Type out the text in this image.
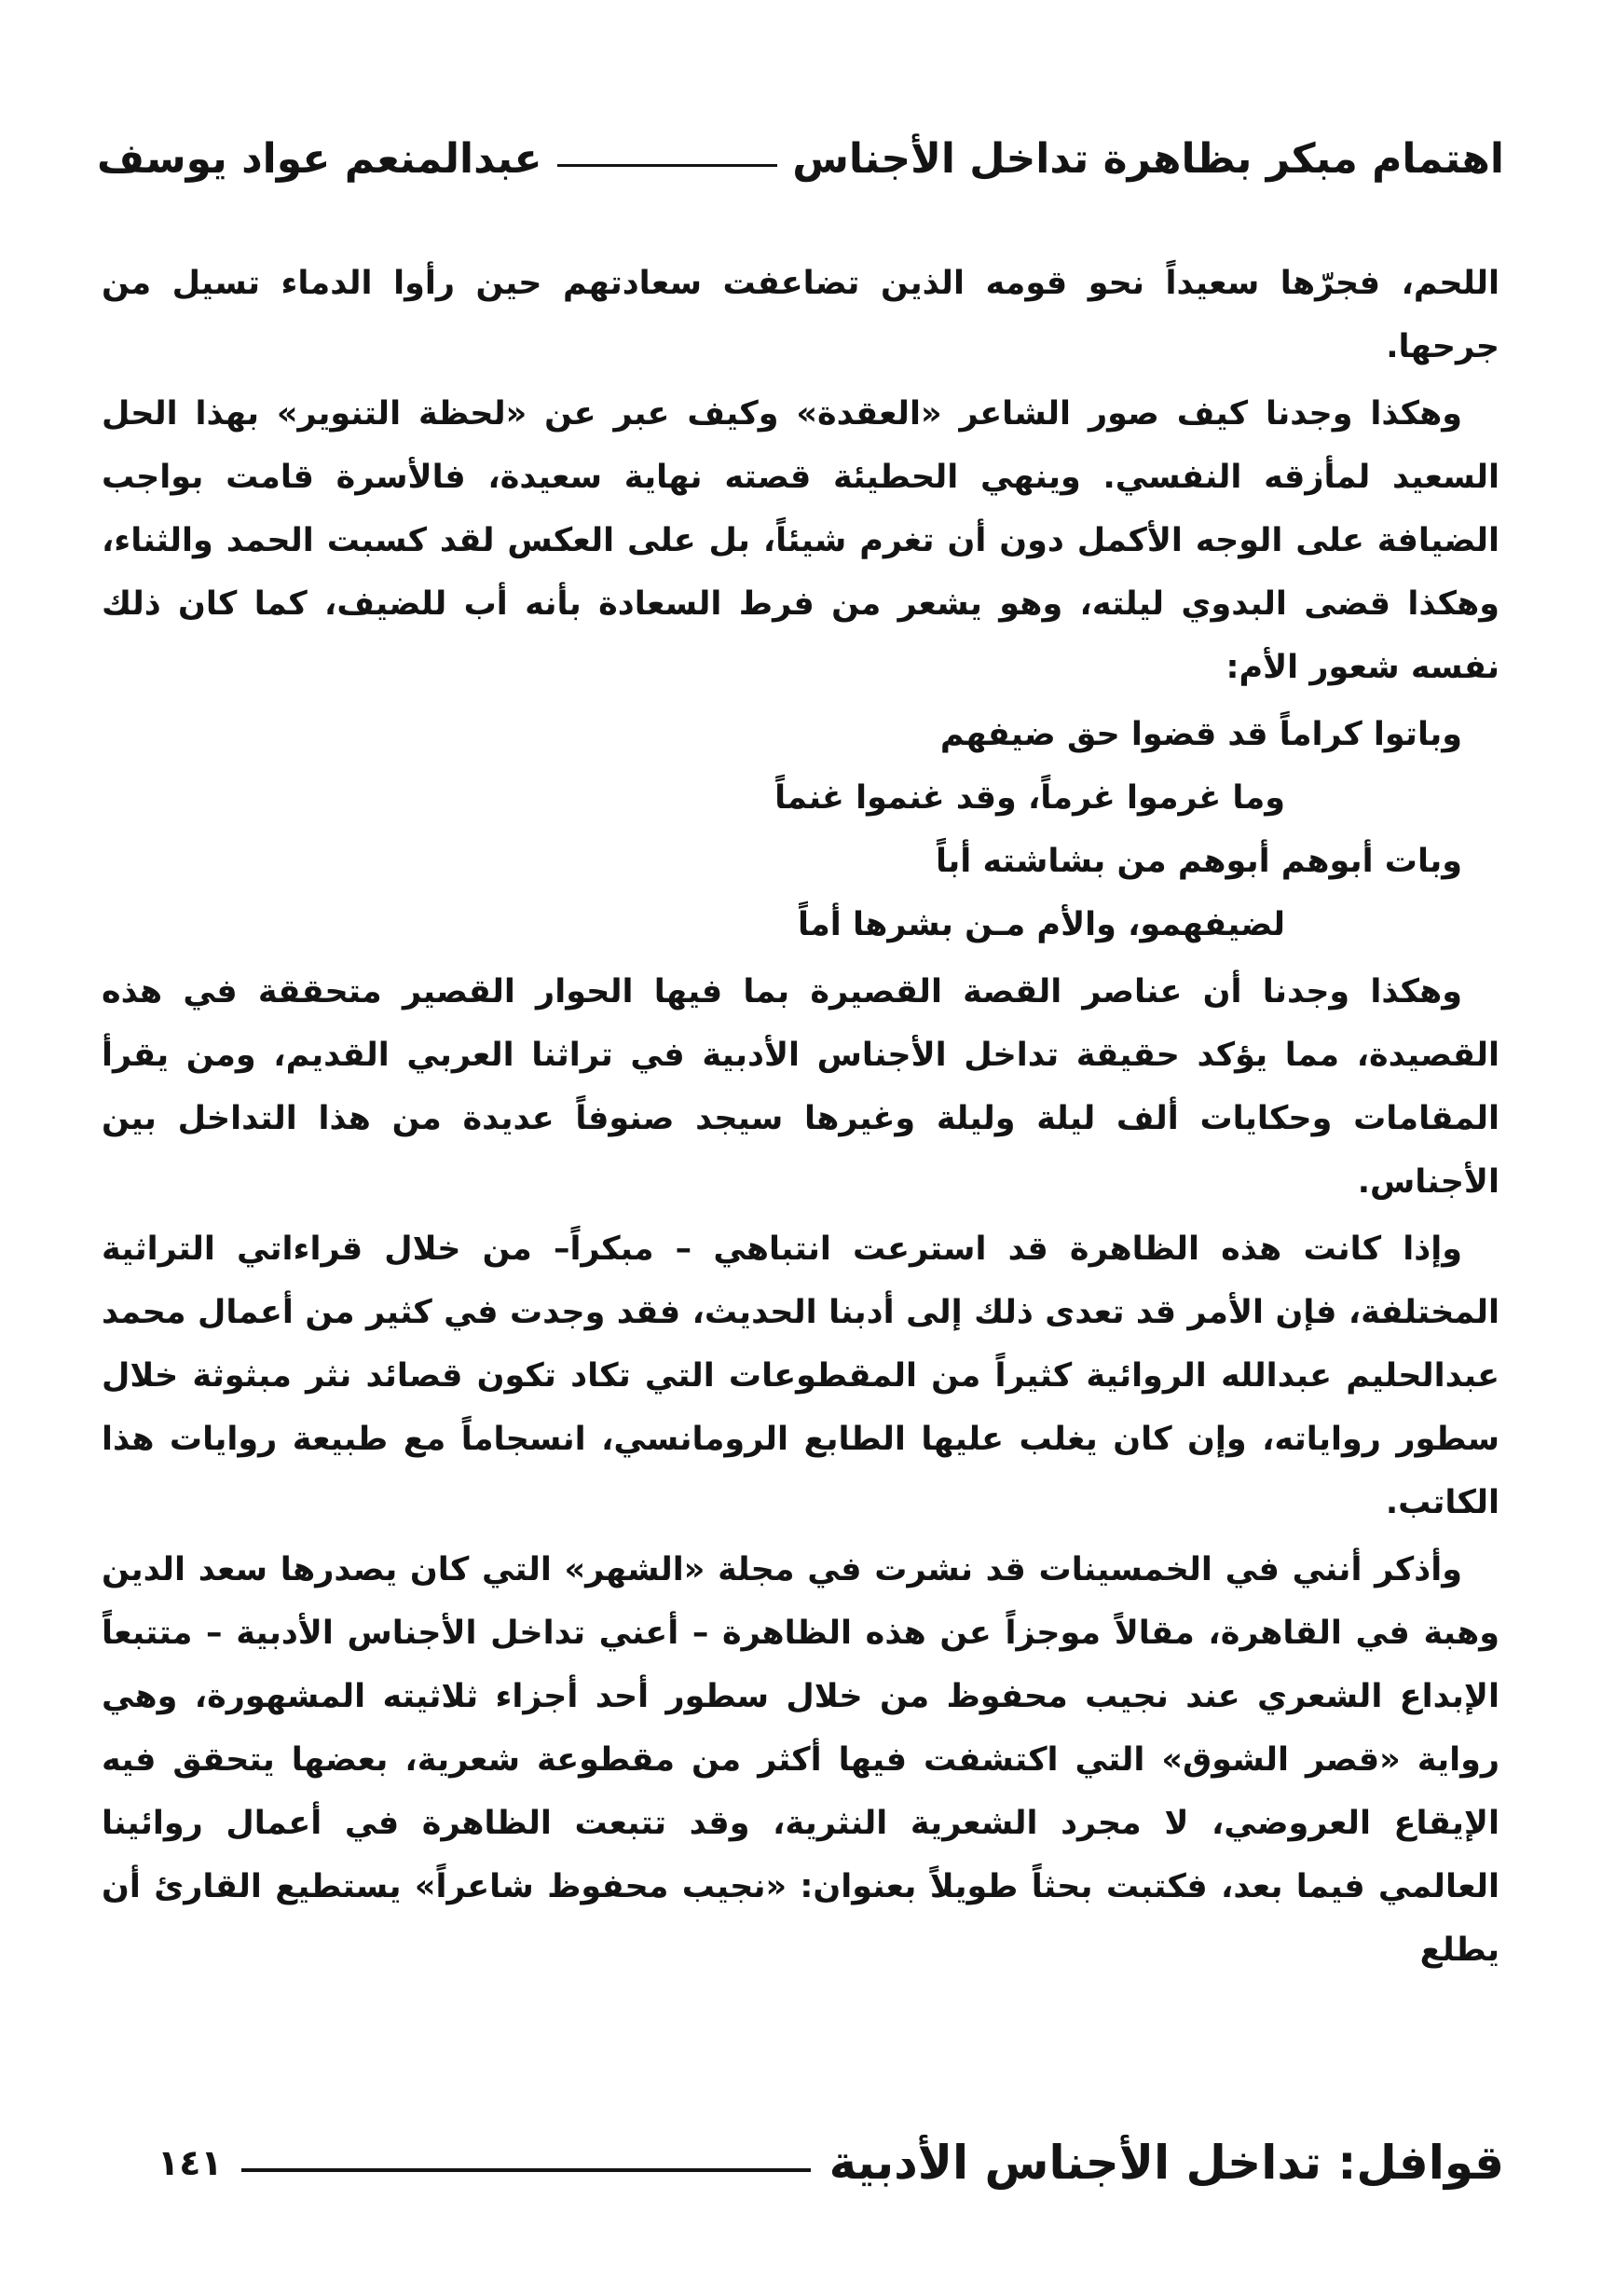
اهتمام مبكر بظاهرة تداخل الأجناس
عبدالمنعم عواد يوسف

اللحم، فجرّها سعيداً نحو قومه الذين تضاعفت سعادتهم حين رأوا الدماء تسيل من جرحها.

وهكذا وجدنا كيف صور الشاعر «العقدة» وكيف عبر عن «لحظة التنوير» بهذا الحل السعيد لمأزقه النفسي. وينهي الحطيئة قصته نهاية سعيدة، فالأسرة قامت بواجب الضيافة على الوجه الأكمل دون أن تغرم شيئاً، بل على العكس لقد كسبت الحمد والثناء، وهكذا قضى البدوي ليلته، وهو يشعر من فرط السعادة بأنه أب للضيف، كما كان ذلك نفسه شعور الأم:

وباتوا كراماً قد قضوا حق ضيفهم
وما غرموا غرماً، وقد غنموا غنماً
وبات أبوهم أبوهم من بشاشته أباً
لضيفهمو، والأم مـن بشرها أماً

وهكذا وجدنا أن عناصر القصة القصيرة بما فيها الحوار القصير متحققة في هذه القصيدة، مما يؤكد حقيقة تداخل الأجناس الأدبية في تراثنا العربي القديم، ومن يقرأ المقامات وحكايات ألف ليلة وليلة وغيرها سيجد صنوفاً عديدة من هذا التداخل بين الأجناس.

وإذا كانت هذه الظاهرة قد استرعت انتباهي – مبكراً– من خلال قراءاتي التراثية المختلفة، فإن الأمر قد تعدى ذلك إلى أدبنا الحديث، فقد وجدت في كثير من أعمال محمد عبدالحليم عبدالله الروائية كثيراً من المقطوعات التي تكاد تكون قصائد نثر مبثوثة خلال سطور رواياته، وإن كان يغلب عليها الطابع الرومانسي، انسجاماً مع طبيعة روايات هذا الكاتب.

وأذكر أنني في الخمسينات قد نشرت في مجلة «الشهر» التي كان يصدرها سعد الدين وهبة في القاهرة، مقالاً موجزاً عن هذه الظاهرة – أعني تداخل الأجناس الأدبية – متتبعاً الإبداع الشعري عند نجيب محفوظ من خلال سطور أحد أجزاء ثلاثيته المشهورة، وهي رواية «قصر الشوق» التي اكتشفت فيها أكثر من مقطوعة شعرية، بعضها يتحقق فيه الإيقاع العروضي، لا مجرد الشعرية النثرية، وقد تتبعت الظاهرة في أعمال روائينا العالمي فيما بعد، فكتبت بحثاً طويلاً بعنوان: «نجيب محفوظ شاعراً» يستطيع القارئ أن يطلع

قوافل: تداخل الأجناس الأدبية
١٤١
